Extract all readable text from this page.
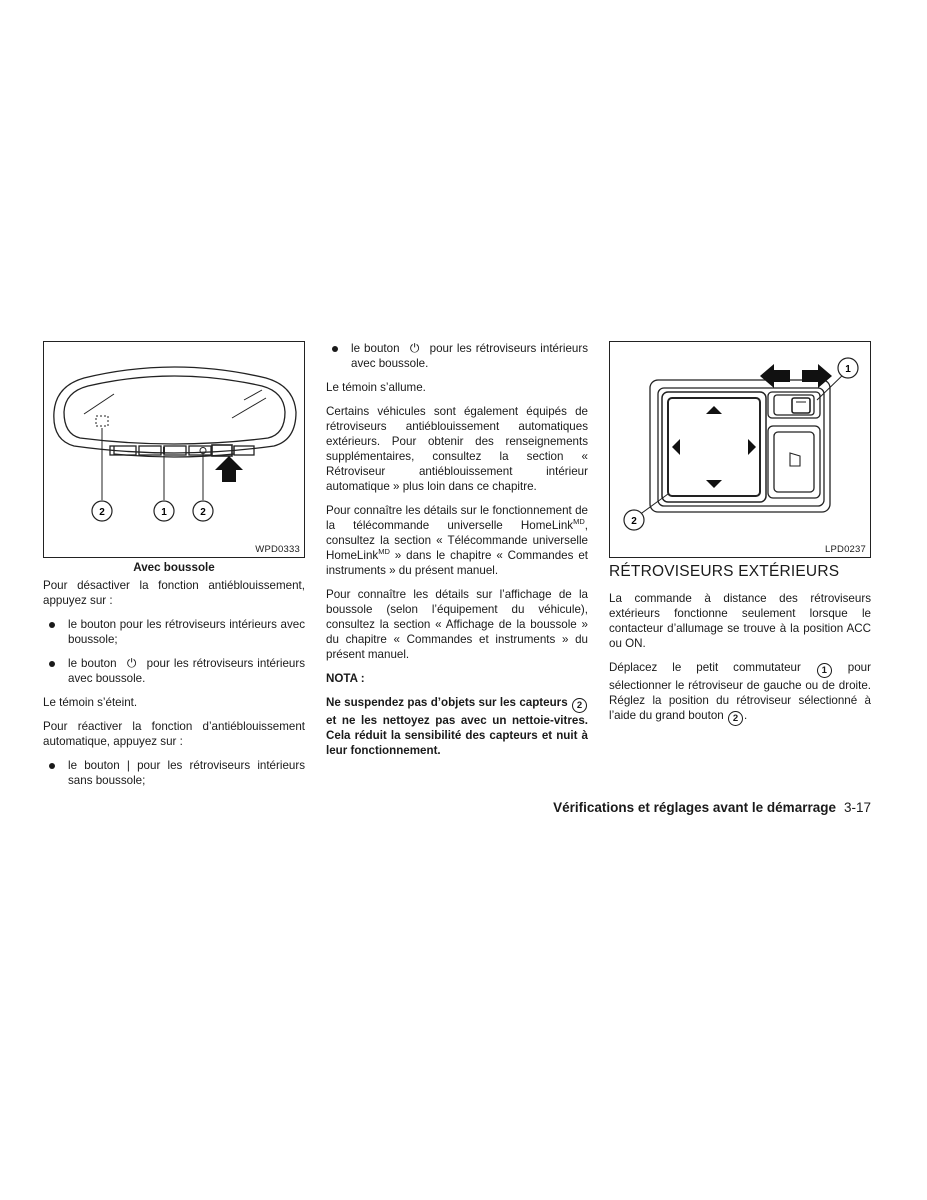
2	1	2
WPD0333
Avec boussole

Pour désactiver la fonction antiéblouissement, appuyez sur :

le bouton pour les rétroviseurs intérieurs avec boussole;
le bouton ⏻ pour les rétroviseurs intérieurs avec boussole.

Le témoin s’éteint.

Pour réactiver la fonction d’antiéblouissement automatique, appuyez sur :

le bouton | pour les rétroviseurs intérieurs sans boussole;
le bouton ⏻ pour les rétroviseurs intérieurs avec boussole.

Le témoin s’allume.

Certains véhicules sont également équipés de rétroviseurs antiéblouissement automatiques extérieurs. Pour obtenir des renseignements supplémentaires, consultez la section « Rétroviseur antiéblouissement intérieur automatique » plus loin dans ce chapitre.

Pour connaître les détails sur le fonctionnement de la télécommande universelle HomeLink$^{MD}$, consultez la section « Télécommande universelle HomeLink$^{MD}$ » dans le chapitre « Commandes et instruments » du présent manuel.

Pour connaître les détails sur l’affichage de la boussole (selon l’équipement du véhicule), consultez la section « Affichage de la boussole » du chapitre « Commandes et instruments » du présent manuel.

NOTA :

Ne suspendez pas d’objets sur les capteurs 2 et ne les nettoyez pas avec un nettoie-vitres. Cela réduit la sensibilité des capteurs et nuit à leur fonctionnement.

1
2
LPD0237
RÉTROVISEURS EXTÉRIEURS

La commande à distance des rétroviseurs extérieurs fonctionne seulement lorsque le contacteur d’allumage se trouve à la position ACC ou ON.

Déplacez le petit commutateur 1 pour sélectionner le rétroviseur de gauche ou de droite. Réglez la position du rétroviseur sélectionné à l’aide du grand bouton 2 .

Vérifications et réglages avant le démarrage 3-17
